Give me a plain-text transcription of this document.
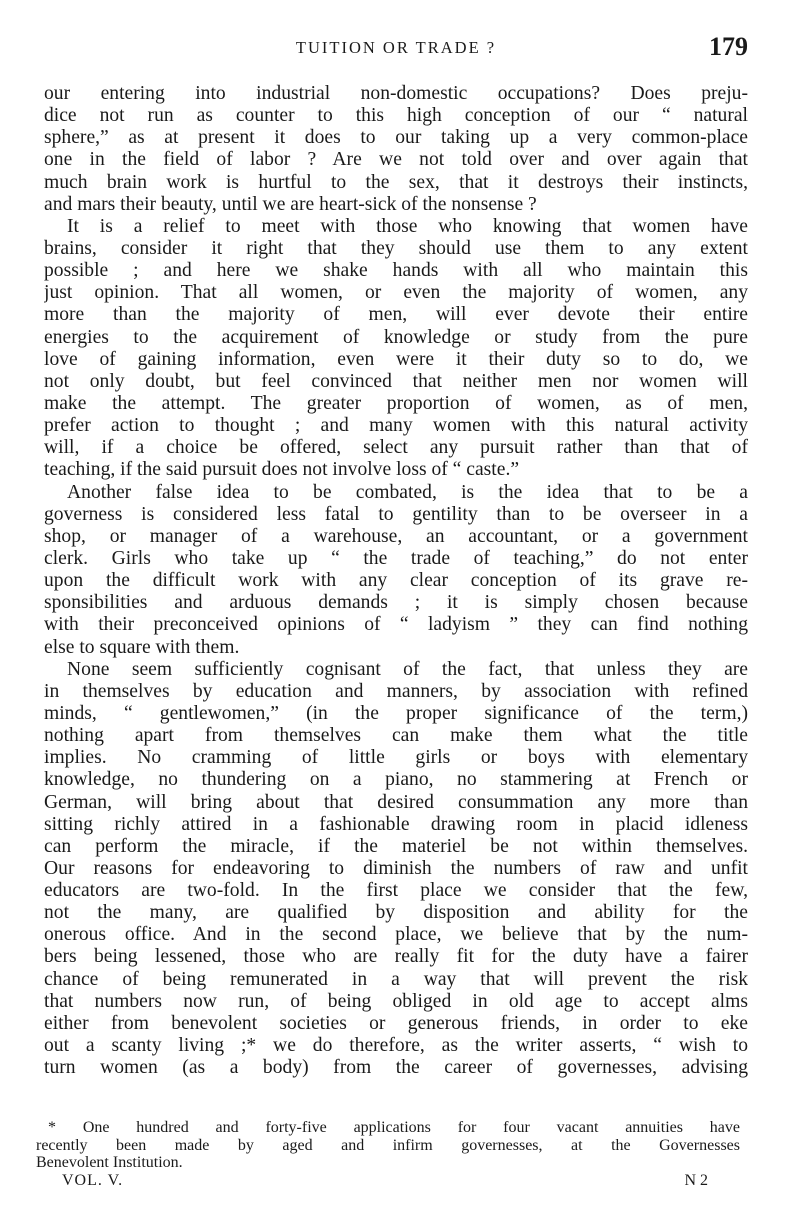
TUITION OR TRADE ?	179
our entering into industrial non-domestic occupations? Does preju-
dice not run as counter to this high conception of our “ natural
sphere,” as at present it does to our taking up a very common-place
one in the field of labor ? Are we not told over and over again that
much brain work is hurtful to the sex, that it destroys their instincts,
and mars their beauty, until we are heart-sick of the nonsense ?
It is a relief to meet with those who knowing that women have
brains, consider it right that they should use them to any extent
possible ; and here we shake hands with all who maintain this
just opinion. That all women, or even the majority of women, any
more than the majority of men, will ever devote their entire
energies to the acquirement of knowledge or study from the pure
love of gaining information, even were it their duty so to do, we
not only doubt, but feel convinced that neither men nor women will
make the attempt. The greater proportion of women, as of men,
prefer action to thought ; and many women with this natural activity
will, if a choice be offered, select any pursuit rather than that of
teaching, if the said pursuit does not involve loss of “ caste.”
Another false idea to be combated, is the idea that to be a
governess is considered less fatal to gentility than to be overseer in a
shop, or manager of a warehouse, an accountant, or a government
clerk. Girls who take up “ the trade of teaching,” do not enter
upon the difficult work with any clear conception of its grave re-
sponsibilities and arduous demands ; it is simply chosen because
with their preconceived opinions of “ ladyism ” they can find nothing
else to square with them.
None seem sufficiently cognisant of the fact, that unless they are
in themselves by education and manners, by association with refined
minds, “ gentlewomen,” (in the proper significance of the term,)
nothing apart from themselves can make them what the title
implies. No cramming of little girls or boys with elementary
knowledge, no thundering on a piano, no stammering at French or
German, will bring about that desired consummation any more than
sitting richly attired in a fashionable drawing room in placid idleness
can perform the miracle, if the materiel be not within themselves.
Our reasons for endeavoring to diminish the numbers of raw and unfit
educators are two-fold. In the first place we consider that the few,
not the many, are qualified by disposition and ability for the
onerous office. And in the second place, we believe that by the num-
bers being lessened, those who are really fit for the duty have a fairer
chance of being remunerated in a way that will prevent the risk
that numbers now run, of being obliged in old age to accept alms
either from benevolent societies or generous friends, in order to eke
out a scanty living ;* we do therefore, as the writer asserts, “ wish to
turn women (as a body) from the career of governesses, advising
* One hundred and forty-five applications for four vacant annuities have
recently been made by aged and infirm governesses, at the Governesses
Benevolent Institution.
VOL. V.	N 2
